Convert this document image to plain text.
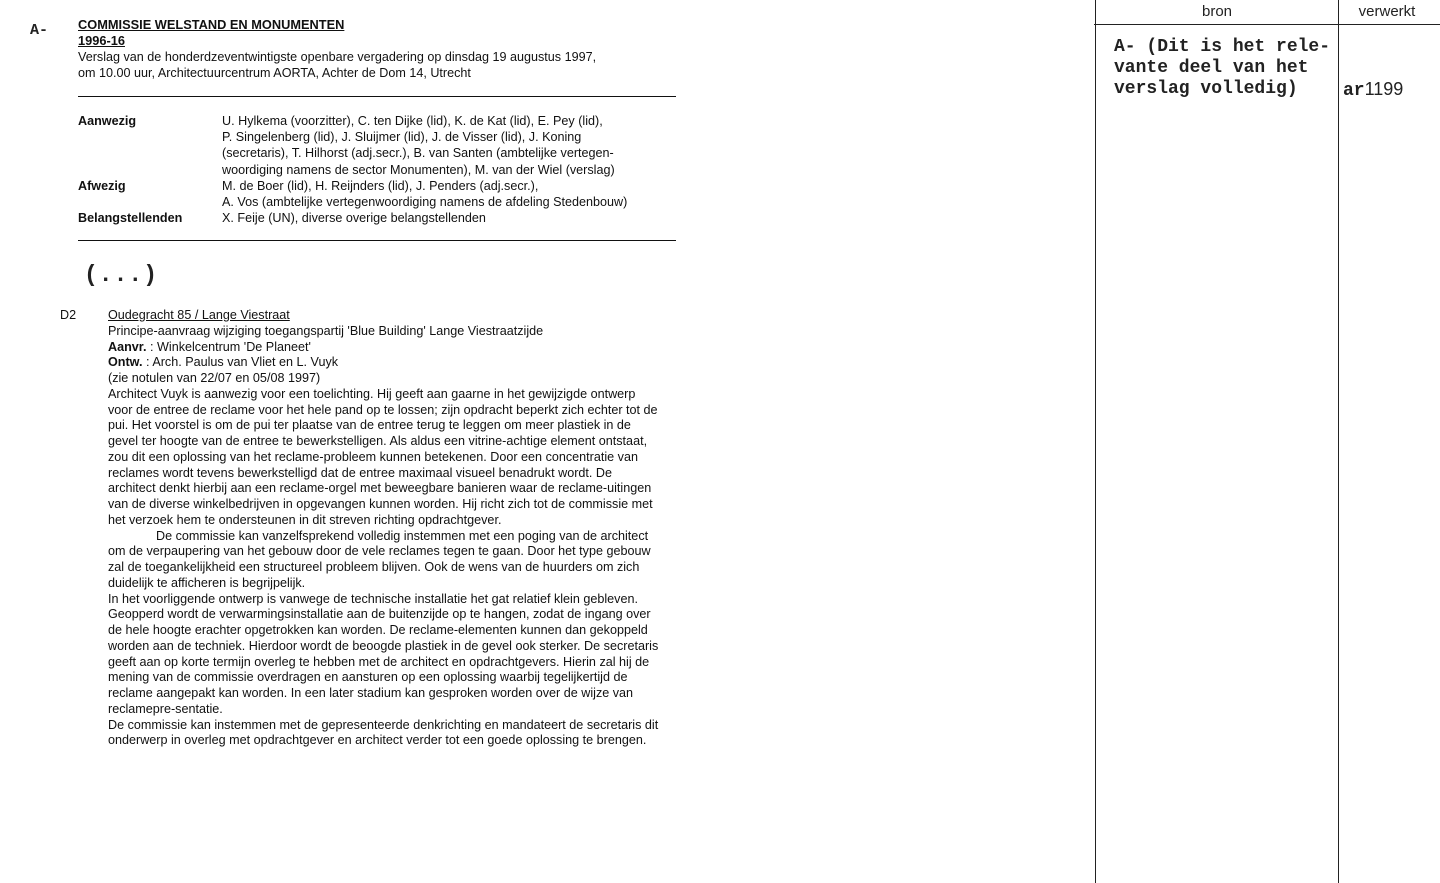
A- COMMISSIE WELSTAND EN MONUMENTEN
1996-16
Verslag van de honderdzeventwintigste openbare vergadering op dinsdag 19 augustus 1997,
om 10.00 uur, Architectuurcentrum AORTA, Achter de Dom 14, Utrecht
Aanwezig	U. Hylkema (voorzitter), C. ten Dijke (lid), K. de Kat (lid), E. Pey (lid),
P. Singelenberg (lid), J. Sluijmer (lid), J. de Visser (lid), J. Koning
(secretaris), T. Hilhorst (adj.secr.), B. van Santen (ambtelijke vertegen-
woordiging namens de sector Monumenten), M. van der Wiel (verslag)
Afwezig	M. de Boer (lid), H. Reijnders (lid), J. Penders (adj.secr.),
A. Vos (ambtelijke vertegenwoordiging namens de afdeling Stedenbouw)
Belangstellenden	X. Feije (UN), diverse overige belangstellenden
(...)
D2	Oudegracht 85 / Lange Viestraat
Principe-aanvraag wijziging toegangspartij 'Blue Building' Lange Viestraatzijde
Aanvr. : Winkelcentrum 'De Planeet'
Ontw. : Arch. Paulus van Vliet en L. Vuyk
(zie notulen van 22/07 en 05/08 1997)

Architect Vuyk is aanwezig voor een toelichting. Hij geeft aan gaarne in het gewijzigde ontwerp voor de entree de reclame voor het hele pand op te lossen; zijn opdracht beperkt zich echter tot de pui. Het voorstel is om de pui ter plaatse van de entree terug te leggen om meer plastiek in de gevel ter hoogte van de entree te bewerkstelligen. Als aldus een vitrine-achtige element ontstaat, zou dit een oplossing van het reclame-probleem kunnen betekenen. Door een concentratie van reclames wordt tevens bewerkstelligd dat de entree maximaal visueel benadrukt wordt. De architect denkt hierbij aan een reclame-orgel met beweegbare banieren waar de reclame-uitingen van de diverse winkelbedrijven in opgevangen kunnen worden. Hij richt zich tot de commissie met het verzoek hem te ondersteunen in dit streven richting opdrachtgever.

De commissie kan vanzelfsprekend volledig instemmen met een poging van de architect om de verpaupering van het gebouw door de vele reclames tegen te gaan. Door het type gebouw zal de toegankelijkheid een structureel probleem blijven. Ook de wens van de huurders om zich duidelijk te afficheren is begrijpelijk.

In het voorliggende ontwerp is vanwege de technische installatie het gat relatief klein gebleven. Geopperd wordt de verwarmingsinstallatie aan de buitenzijde op te hangen, zodat de ingang over de hele hoogte erachter opgetrokken kan worden. De reclame-elementen kunnen dan gekoppeld worden aan de techniek. Hierdoor wordt de beoogde plastiek in de gevel ook sterker. De secretaris geeft aan op korte termijn overleg te hebben met de architect en opdrachtgevers. Hierin zal hij de mening van de commissie overdragen en aansturen op een oplossing waarbij tegelijkertijd de reclame aangepakt kan worden. In een later stadium kan gesproken worden over de wijze van reclamepre-sentatie.

De commissie kan instemmen met de gepresenteerde denkrichting en mandateert de secretaris dit onderwerp in overleg met opdrachtgever en architect verder tot een goede oplossing te brengen.

bron	verwerkt
A- (Dit is het rele-
vante deel van het
verslag volledig)	ar1199
